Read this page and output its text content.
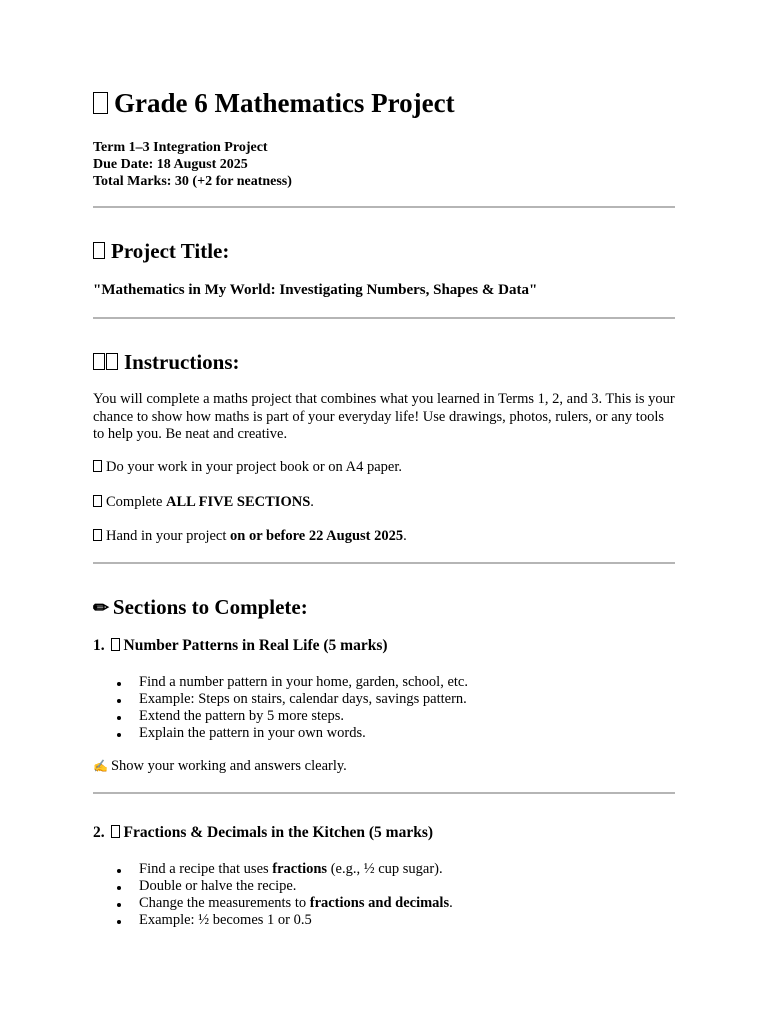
Grade 6 Mathematics Project
Term 1–3 Integration Project
Due Date: 18 August 2025
Total Marks: 30 (+2 for neatness)
Project Title:
"Mathematics in My World: Investigating Numbers, Shapes & Data"
Instructions:

You will complete a maths project that combines what you learned in Terms 1, 2, and 3. This is your chance to show how maths is part of your everyday life! Use drawings, photos, rulers, or any tools to help you. Be neat and creative.

Do your work in your project book or on A4 paper.
Complete ALL FIVE SECTIONS.
Hand in your project on or before 22 August 2025.
✏ Sections to Complete:
1. Number Patterns in Real Life (5 marks)
Find a number pattern in your home, garden, school, etc.
Example: Steps on stairs, calendar days, savings pattern.
Extend the pattern by 5 more steps.
Explain the pattern in your own words.
✍ Show your working and answers clearly.
2. Fractions & Decimals in the Kitchen (5 marks)
Find a recipe that uses fractions (e.g., ½ cup sugar).
Double or halve the recipe.
Change the measurements to fractions and decimals.
Example: ½ becomes 1 or 0.5
